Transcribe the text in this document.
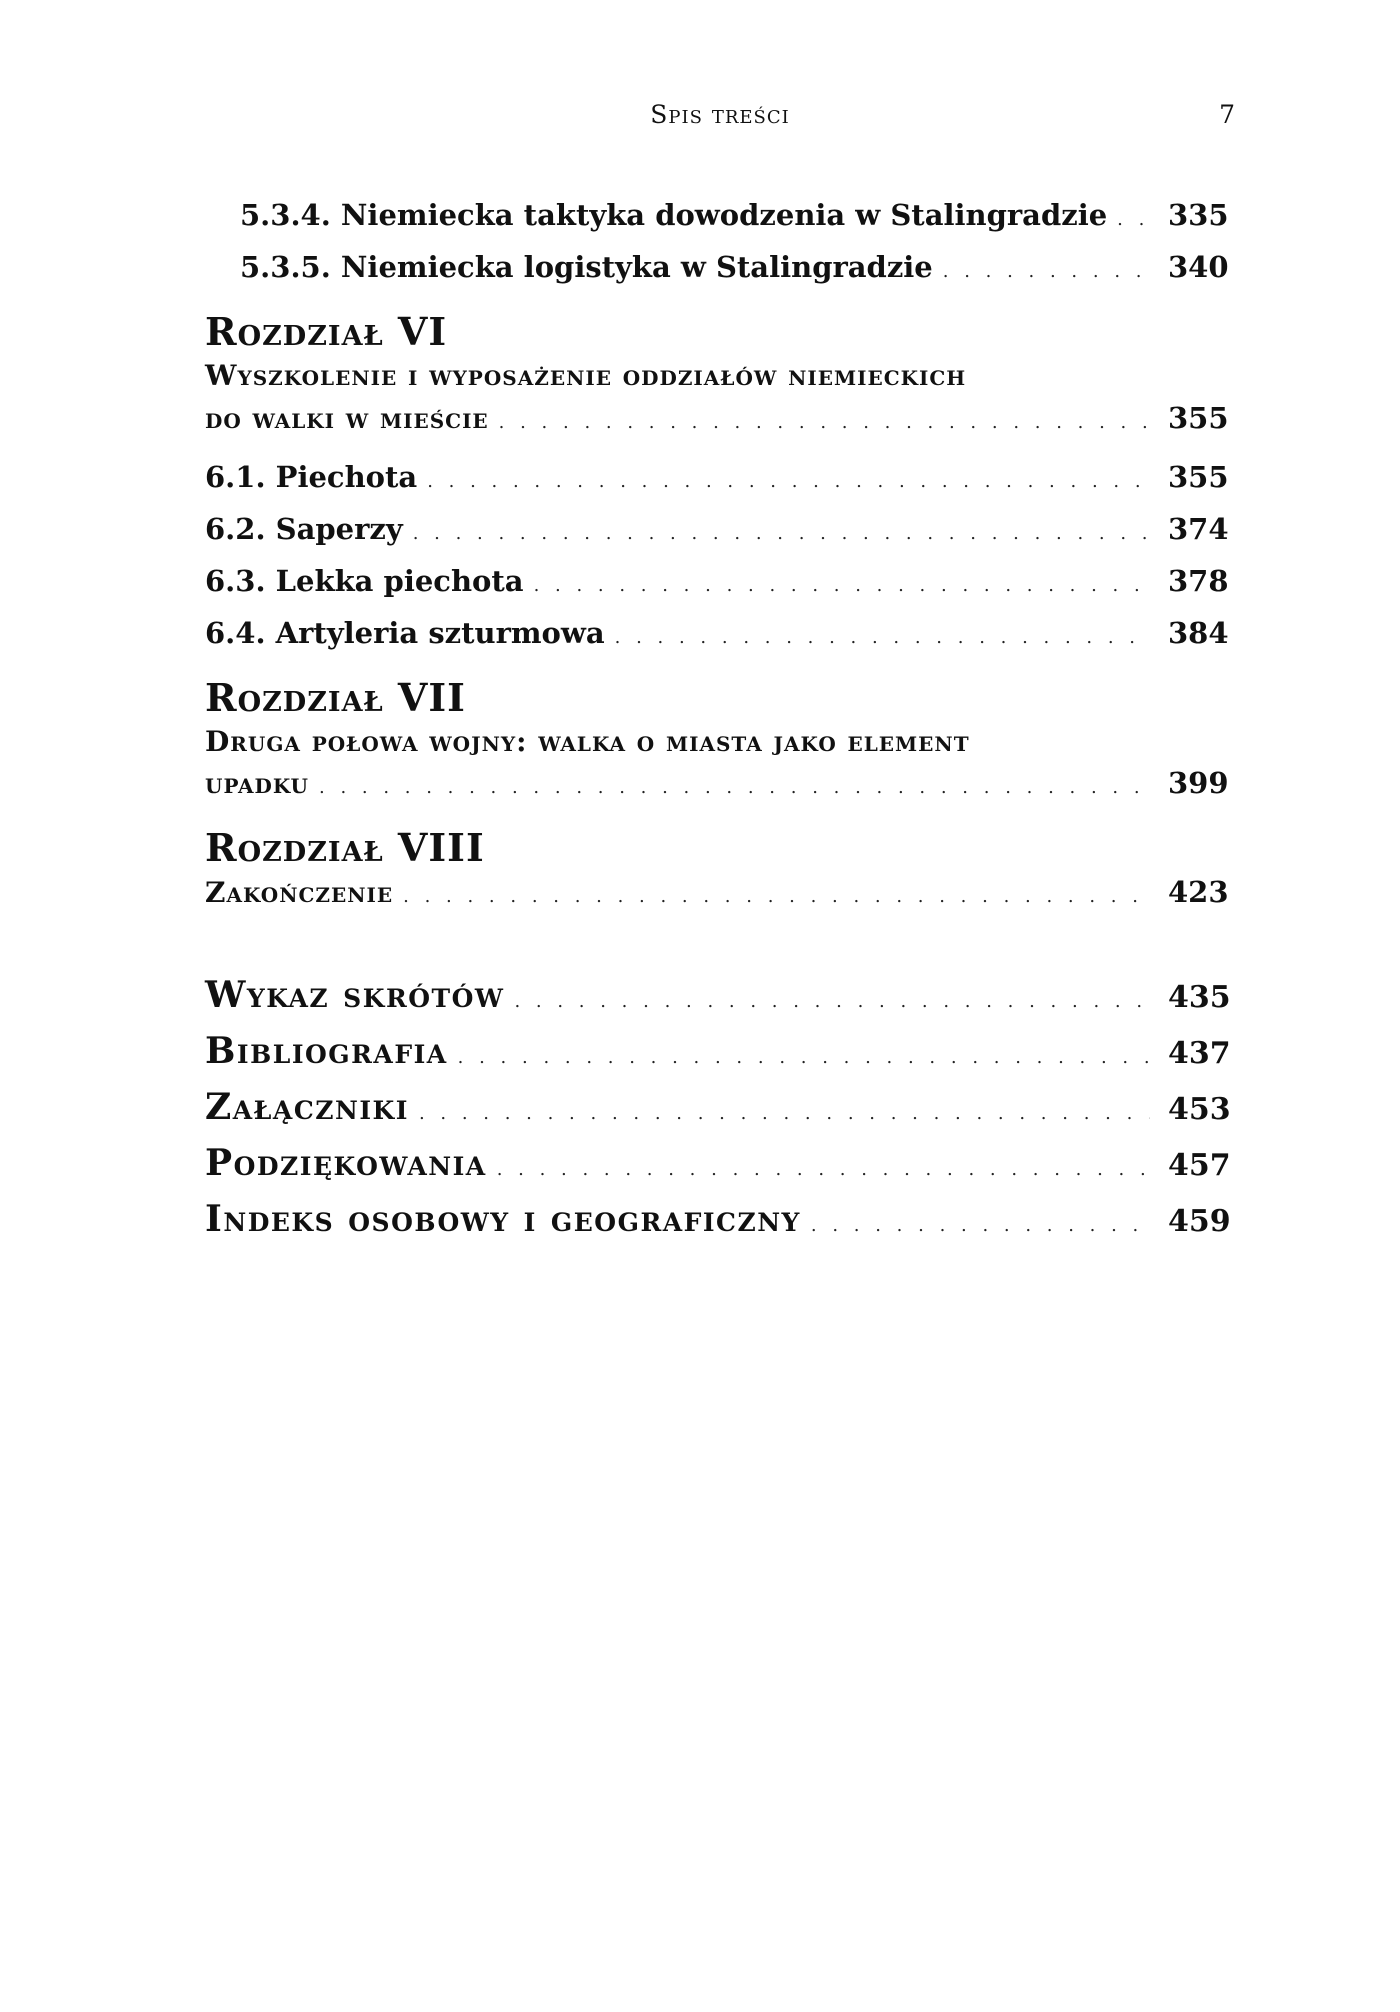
Spis treści	7
5.3.4. Niemiecka taktyka dowodzenia w Stalingradzie . . . 335
5.3.5. Niemiecka logistyka w Stalingradzie . . .	340
Rozdział VI
Wyszkolenie i wyposażenie oddziałów niemieckich
do walki w mieście . . .	355
6.1. Piechota . . .	355
6.2. Saperzy . . .	374
6.3. Lekka piechota . . .	378
6.4. Artyleria szturmowa . . .	384
Rozdział VII
Druga połowa wojny: walka o miasta jako element
upadku . . .	399
Rozdział VIII
Zakończenie . . .	423
Wykaz skrótów . . .	435
Bibliografia . . .	437
Załączniki . . .	453
Podziękowania . . .	457
Indeks osobowy i geograficzny . . .	459
